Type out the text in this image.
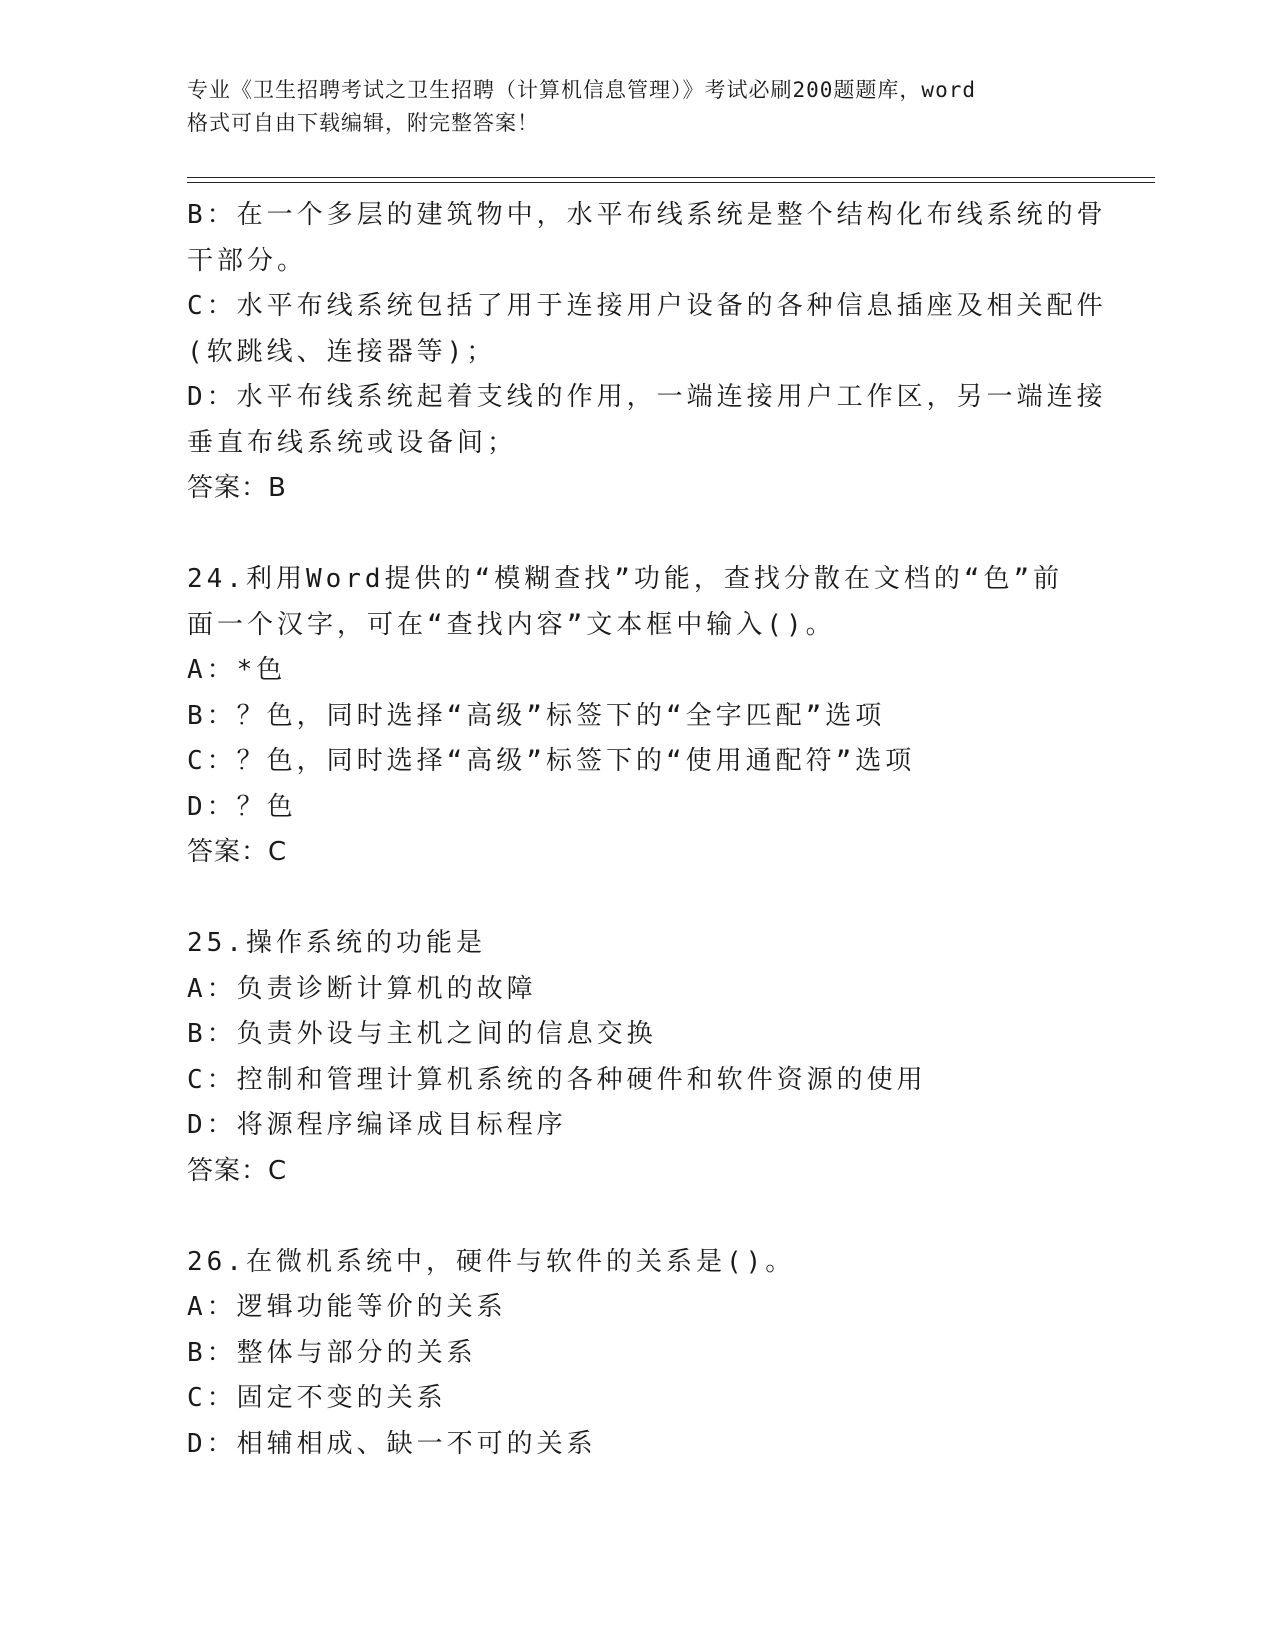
专业《卫生招聘考试之卫生招聘（计算机信息管理）》考试必刷200题题库，word
格式可自由下载编辑，附完整答案！
B：在一个多层的建筑物中，水平布线系统是整个结构化布线系统的骨
干部分。
C：水平布线系统包括了用于连接用户设备的各种信息插座及相关配件
(软跳线、连接器等)；
D：水平布线系统起着支线的作用，一端连接用户工作区，另一端连接
垂直布线系统或设备间；
答案：B
24.利用Word提供的“模糊查找”功能，查找分散在文档的“色”前
面一个汉字，可在“查找内容”文本框中输入()。
A：*色
B：？色，同时选择“高级”标签下的“全字匹配”选项
C：？色，同时选择“高级”标签下的“使用通配符”选项
D：？色
答案：C
25.操作系统的功能是
A：负责诊断计算机的故障
B：负责外设与主机之间的信息交换
C：控制和管理计算机系统的各种硬件和软件资源的使用
D：将源程序编译成目标程序
答案：C
26.在微机系统中，硬件与软件的关系是()。
A：逻辑功能等价的关系
B：整体与部分的关系
C：固定不变的关系
D：相辅相成、缺一不可的关系
